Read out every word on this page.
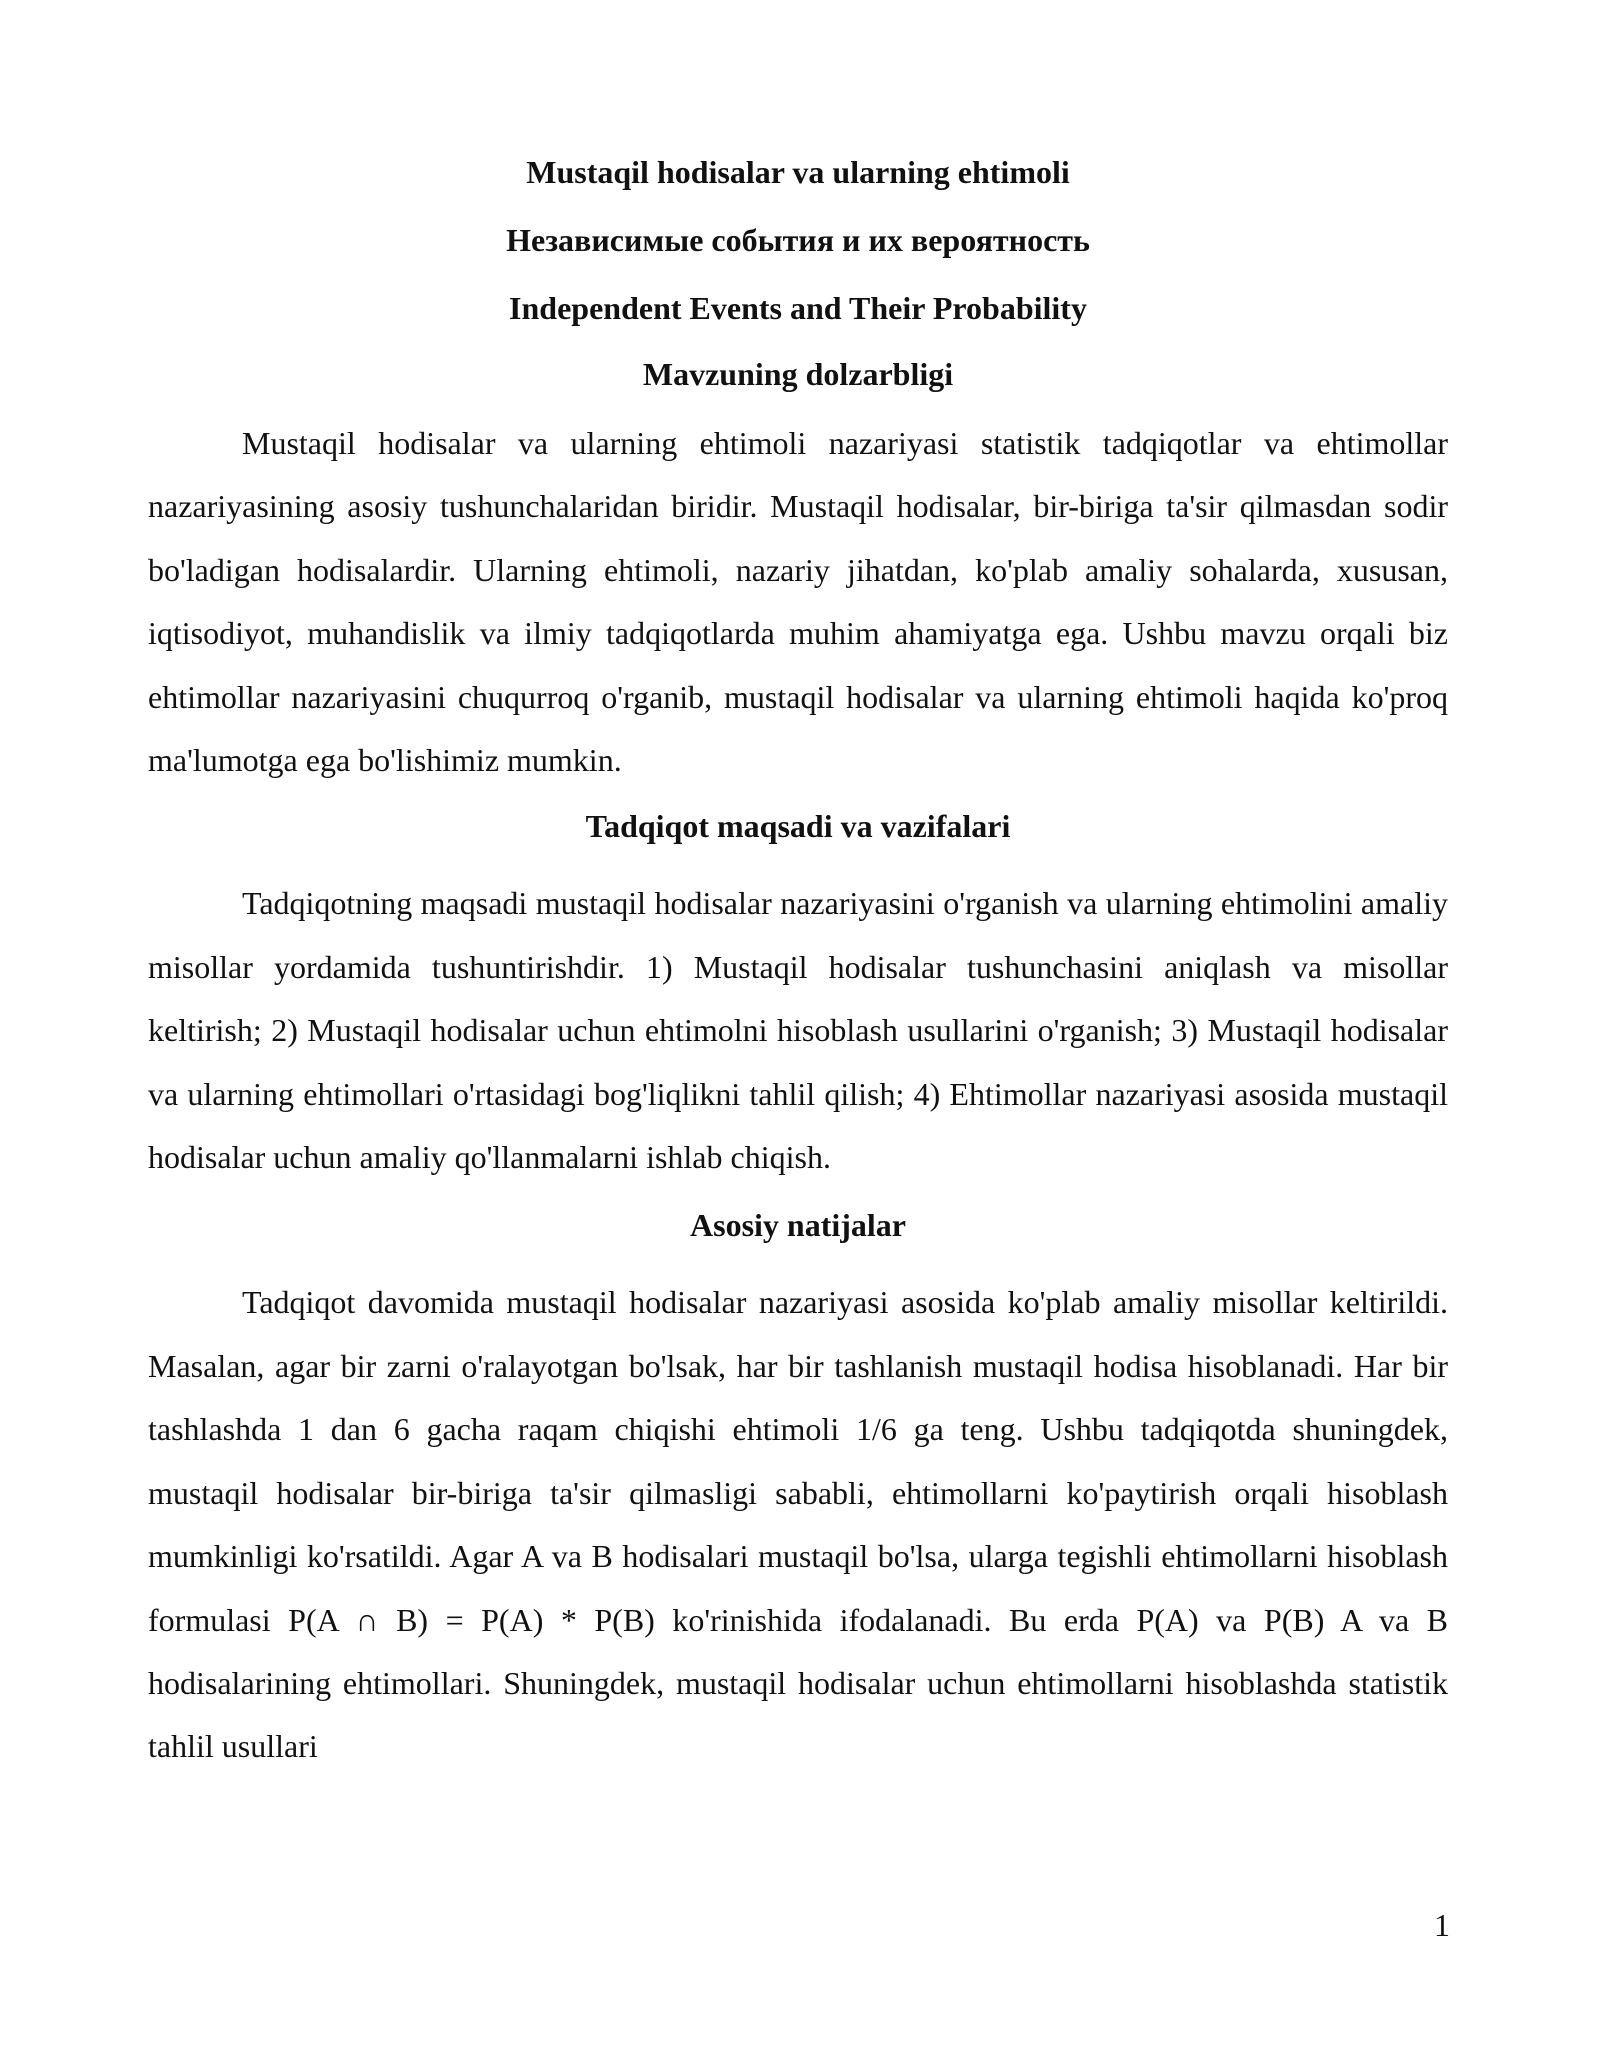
Mustaqil hodisalar va ularning ehtimoli
Независимые события и их вероятность
Independent Events and Their Probability
Mavzuning dolzarbligi

Mustaqil hodisalar va ularning ehtimoli nazariyasi statistik tadqiqotlar va ehtimollar nazariyasining asosiy tushunchalaridan biridir. Mustaqil hodisalar, bir-biriga ta'sir qilmasdan sodir bo'ladigan hodisalardir. Ularning ehtimoli, nazariy jihatdan, ko'plab amaliy sohalarda, xususan, iqtisodiyot, muhandislik va ilmiy tadqiqotlarda muhim ahamiyatga ega. Ushbu mavzu orqali biz ehtimollar nazariyasini chuqurroq o'rganib, mustaqil hodisalar va ularning ehtimoli haqida ko'proq ma'lumotga ega bo'lishimiz mumkin.

Tadqiqot maqsadi va vazifalari

Tadqiqotning maqsadi mustaqil hodisalar nazariyasini o'rganish va ularning ehtimolini amaliy misollar yordamida tushuntirishdir. 1) Mustaqil hodisalar tushunchasini aniqlash va misollar keltirish; 2) Mustaqil hodisalar uchun ehtimolni hisoblash usullarini o'rganish; 3) Mustaqil hodisalar va ularning ehtimollari o'rtasidagi bog'liqlikni tahlil qilish; 4) Ehtimollar nazariyasi asosida mustaqil hodisalar uchun amaliy qo'llanmalarni ishlab chiqish.

Asosiy natijalar

Tadqiqot davomida mustaqil hodisalar nazariyasi asosida ko'plab amaliy misollar keltirildi. Masalan, agar bir zarni o'ralayotgan bo'lsak, har bir tashlanish mustaqil hodisa hisoblanadi. Har bir tashlashda 1 dan 6 gacha raqam chiqishi ehtimoli 1/6 ga teng. Ushbu tadqiqotda shuningdek, mustaqil hodisalar bir-biriga ta'sir qilmasligi sababli, ehtimollarni ko'paytirish orqali hisoblash mumkinligi ko'rsatildi. Agar A va B hodisalari mustaqil bo'lsa, ularga tegishli ehtimollarni hisoblash formulasi P(A ∩ B) = P(A) * P(B) ko'rinishida ifodalanadi. Bu erda P(A) va P(B) A va B hodisalarining ehtimollari. Shuningdek, mustaqil hodisalar uchun ehtimollarni hisoblashda statistik tahlil usullari

1
